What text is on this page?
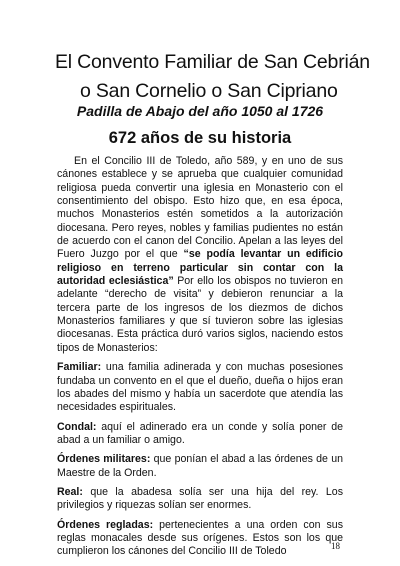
El Convento Familiar de San Cebrián
o San Cornelio o San Cipriano
Padilla de Abajo del año 1050 al 1726
672 años de su historia

En el Concilio III de Toledo, año 589, y en uno de sus cánones establece y se aprueba que cualquier comunidad religiosa pueda convertir una iglesia en Monasterio con el consentimiento del obispo. Esto hizo que, en esa época, muchos Monasterios estén sometidos a la autorización diocesana. Pero reyes, nobles y familias pudientes no están de acuerdo con el canon del Concilio. Apelan a las leyes del Fuero Juzgo por el que “se podía levantar un edificio religioso en terreno particular sin contar con la autoridad eclesiástica” Por ello los obispos no tuvieron en adelante “derecho de visita” y debieron renunciar a la tercera parte de los ingresos de los diezmos de dichos Monasterios familiares y que sí tuvieron sobre las iglesias diocesanas. Esta práctica duró varios siglos, naciendo estos tipos de Monasterios:

Familiar: una familia adinerada y con muchas posesiones fundaba un convento en el que el dueño, dueña o hijos eran los abades del mismo y había un sacerdote que atendía las necesidades espirituales.

Condal: aquí el adinerado era un conde y solía poner de abad a un familiar o amigo.

Órdenes militares: que ponían el abad a las órdenes de un Maestre de la Orden.

Real: que la abadesa solía ser una hija del rey. Los privilegios y riquezas solían ser enormes.

Órdenes regladas: pertenecientes a una orden con sus reglas monacales desde sus orígenes. Estos son los que cumplieron los cánones del Concilio III de Toledo	18
